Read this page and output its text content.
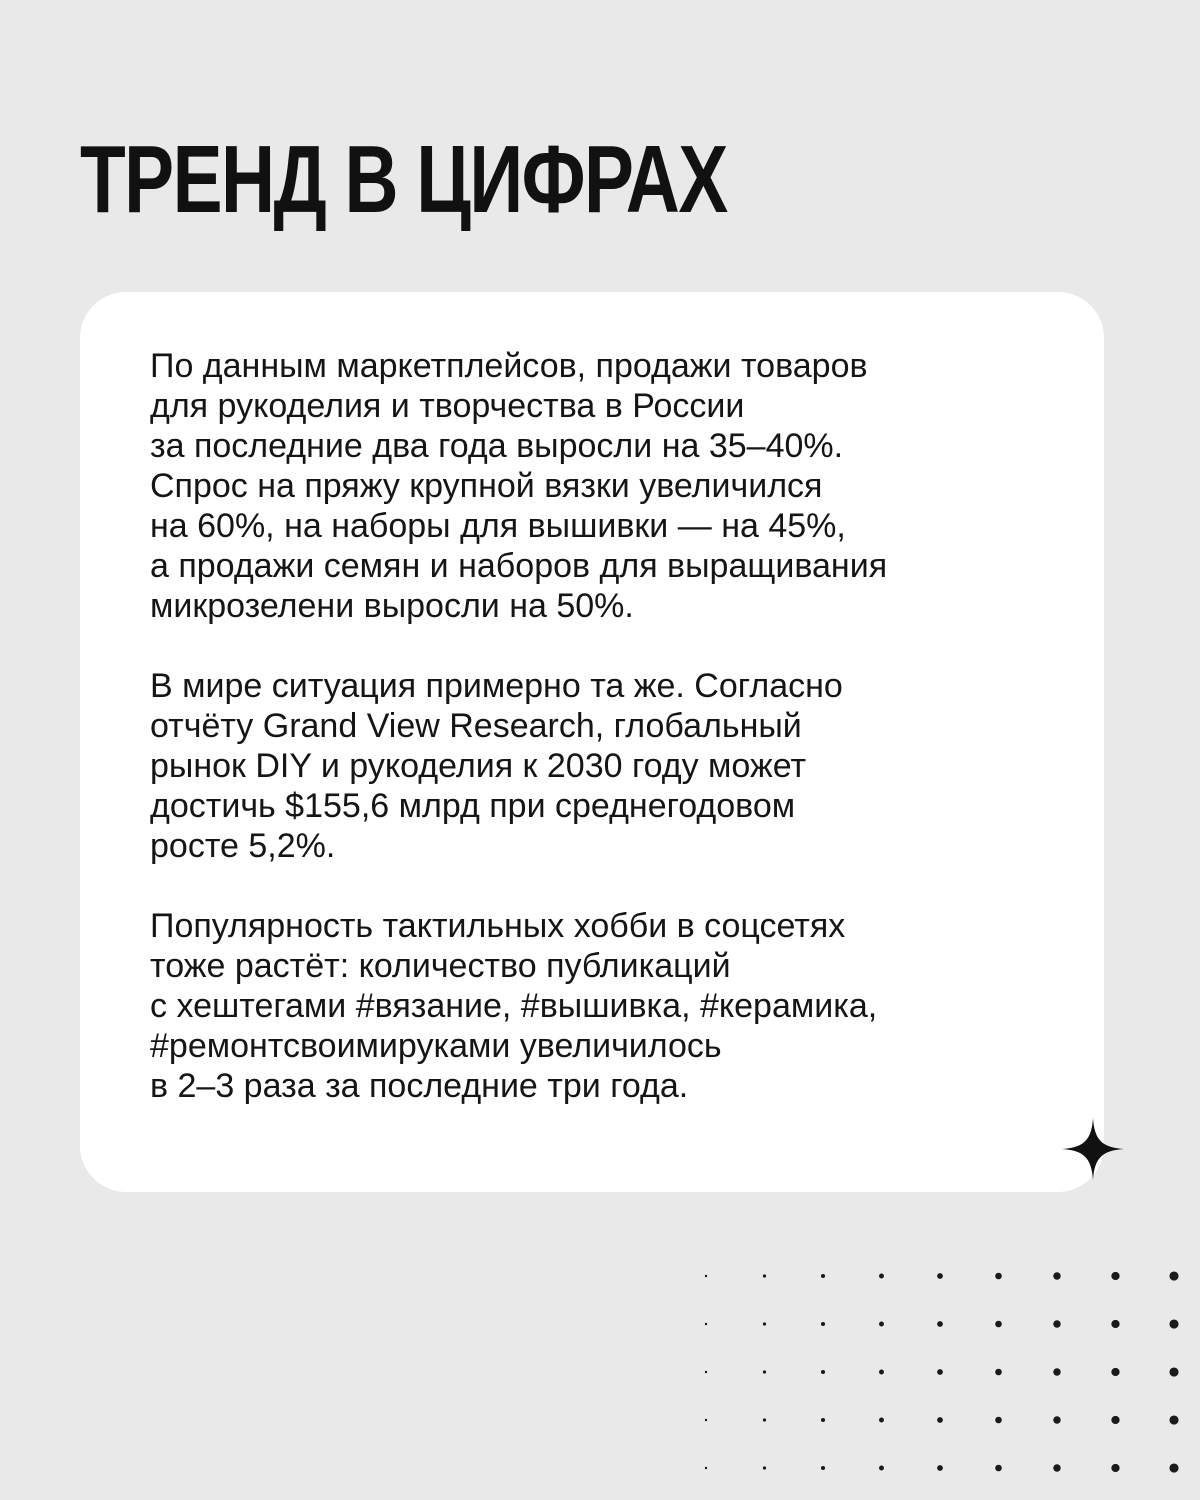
ТРЕНД В ЦИФРАХ

По данным маркетплейсов, продажи товаров
для рукоделия и творчества в России
за последние два года выросли на 35–40%.
Спрос на пряжу крупной вязки увеличился
на 60%, на наборы для вышивки — на 45%,
а продажи семян и наборов для выращивания
микрозелени выросли на 50%.

В мире ситуация примерно та же. Согласно
отчёту Grand View Research, глобальный
рынок DIY и рукоделия к 2030 году может
достичь $155,6 млрд при среднегодовом
росте 5,2%.

Популярность тактильных хобби в соцсетях
тоже растёт: количество публикаций
с хештегами #вязание, #вышивка, #керамика,
#ремонтсвоимируками увеличилось
в 2–3 раза за последние три года.
